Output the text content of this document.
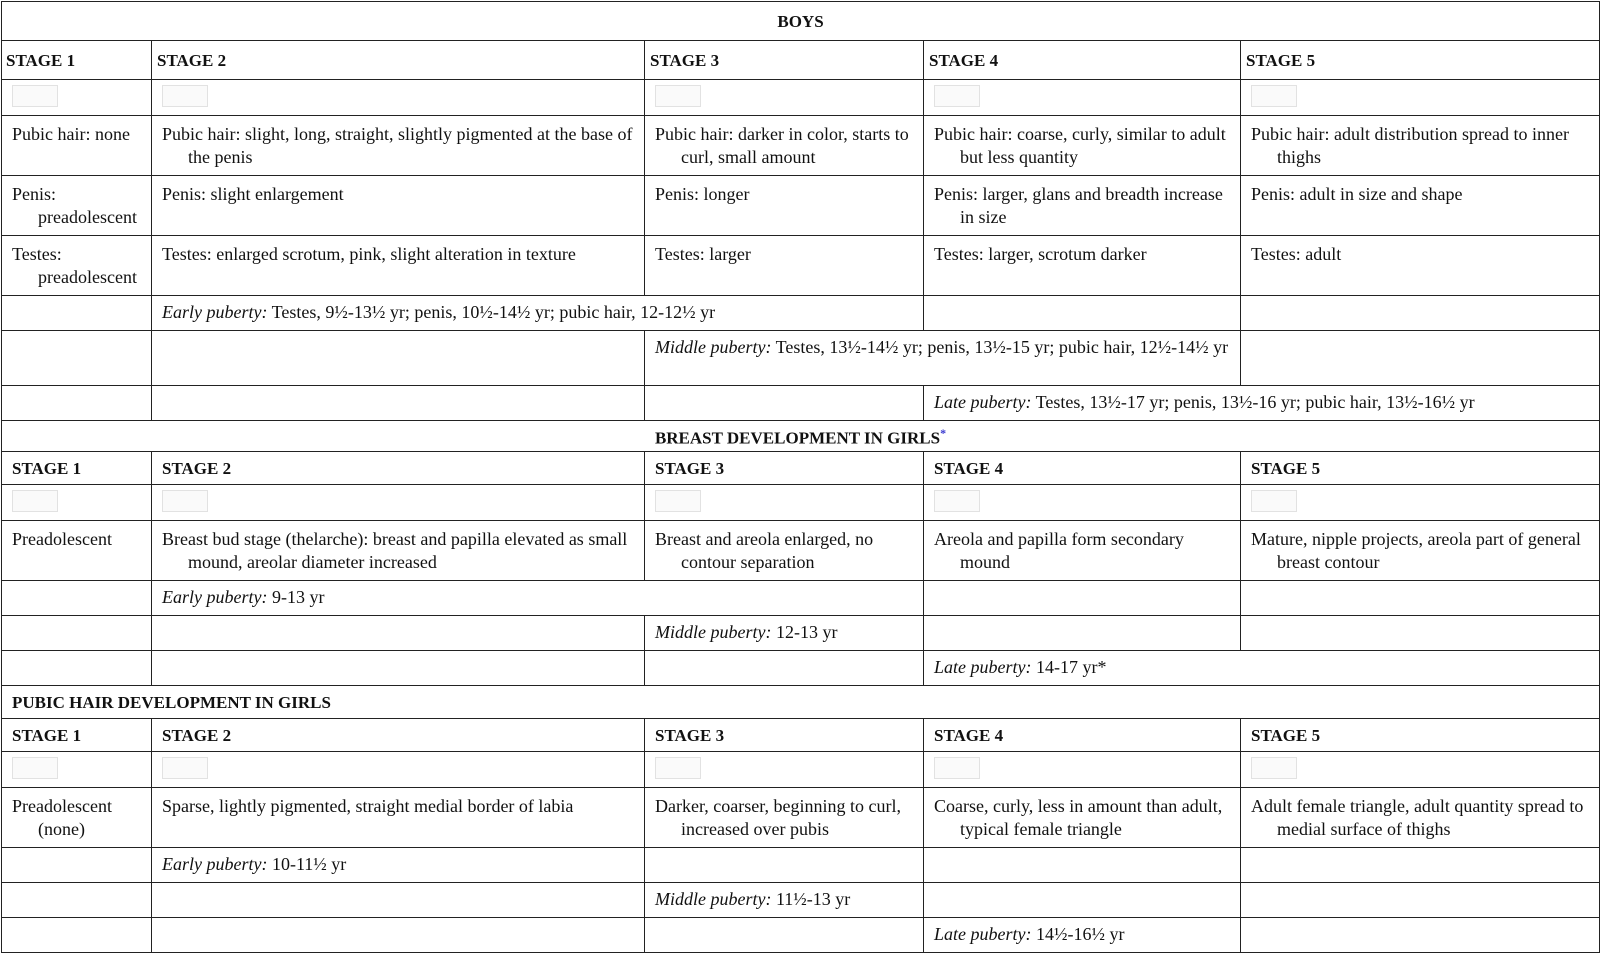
BOYS				
STAGE 1	STAGE 2	STAGE 3	STAGE 4	STAGE 5

Pubic hair: none	Pubic hair: slight, long, straight, slightly pigmented at the base of the penis	Pubic hair: darker in color, starts to curl, small amount	Pubic hair: coarse, curly, similar to adult but less quantity	Pubic hair: adult distribution spread to inner thighs

Penis: preadolescent	Penis: slight enlargement	Penis: longer	Penis: larger, glans and breadth increase in size	Penis: adult in size and shape

Testes: preadolescent	Testes: enlarged scrotum, pink, slight alteration in texture	Testes: larger	Testes: larger, scrotum darker	Testes: adult

	Early puberty: Testes, 9½-13½ yr; penis, 10½-14½ yr; pubic hair, 12-12½ yr			

		Middle puberty: Testes, 13½-14½ yr; penis, 13½-15 yr; pubic hair, 12½-14½ yr		

			Late puberty: Testes, 13½-17 yr; penis, 13½-16 yr; pubic hair, 13½-16½ yr	
BREAST DEVELOPMENT IN GIRLS*
STAGE 1	STAGE 2	STAGE 3	STAGE 4	STAGE 5

Preadolescent	Breast bud stage (thelarche): breast and papilla elevated as small mound, areolar diameter increased	Breast and areola enlarged, no contour separation	Areola and papilla form secondary mound	Mature, nipple projects, areola part of general breast contour

	Early puberty: 9-13 yr			
		Middle puberty: 12-13 yr		
			Late puberty: 14-17 yr*	
PUBIC HAIR DEVELOPMENT IN GIRLS				
STAGE 1	STAGE 2	STAGE 3	STAGE 4	STAGE 5

Preadolescent (none)	Sparse, lightly pigmented, straight medial border of labia	Darker, coarser, beginning to curl, increased over pubis	Coarse, curly, less in amount than adult, typical female triangle	Adult female triangle, adult quantity spread to medial surface of thighs

	Early puberty: 10-11½ yr			
		Middle puberty: 11½-13 yr		
			Late puberty: 14½-16½ yr	
